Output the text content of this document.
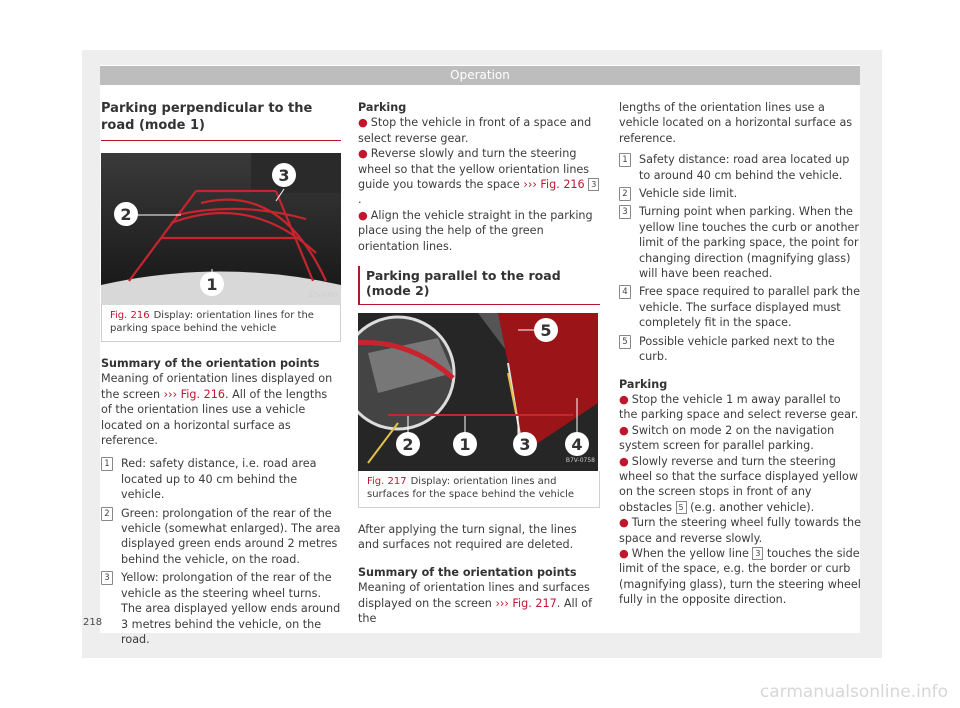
Operation
Parking perpendicular to the road (mode 1)
3
2
1
B7V-0757
Fig. 216 Display: orientation lines for the parking space behind the vehicle

Summary of the orientation points

Meaning of orientation lines displayed on the screen ››› Fig. 216. All of the lengths of the orientation lines use a vehicle located on a horizontal surface as reference.

1 Red: safety distance, i.e. road area located up to 40 cm behind the vehicle.
2 Green: prolongation of the rear of the vehicle (somewhat enlarged). The area displayed green ends around 2 metres behind the vehicle, on the road.
3 Yellow: prolongation of the rear of the vehicle as the steering wheel turns. The area displayed yellow ends around 3 metres behind the vehicle, on the road.

Parking

● Stop the vehicle in front of a space and select reverse gear.

● Reverse slowly and turn the steering wheel so that the yellow orientation lines guide you towards the space ››› Fig. 216 3.

● Align the vehicle straight in the parking place using the help of the green orientation lines.

Parking parallel to the road (mode 2)
5
2	1	3	4
B7V-0758
Fig. 217 Display: orientation lines and surfaces for the space behind the vehicle

After applying the turn signal, the lines and surfaces not required are deleted.

Summary of the orientation points

Meaning of orientation lines and surfaces displayed on the screen ››› Fig. 217. All of the

lengths of the orientation lines use a vehicle located on a horizontal surface as reference.

1 Safety distance: road area located up to around 40 cm behind the vehicle.
2 Vehicle side limit.
3 Turning point when parking. When the yellow line touches the curb or another limit of the parking space, the point for changing direction (magnifying glass) will have been reached.
4 Free space required to parallel park the vehicle. The surface displayed must completely fit in the space.
5 Possible vehicle parked next to the curb.

Parking

● Stop the vehicle 1 m away parallel to the parking space and select reverse gear.

● Switch on mode 2 on the navigation system screen for parallel parking.

● Slowly reverse and turn the steering wheel so that the surface displayed yellow on the screen stops in front of any obstacles 5 (e.g. another vehicle).

● Turn the steering wheel fully towards the space and reverse slowly.

● When the yellow line 3 touches the side limit of the space, e.g. the border or curb (magnifying glass), turn the steering wheel fully in the opposite direction.

218
carmanualsonline.info
